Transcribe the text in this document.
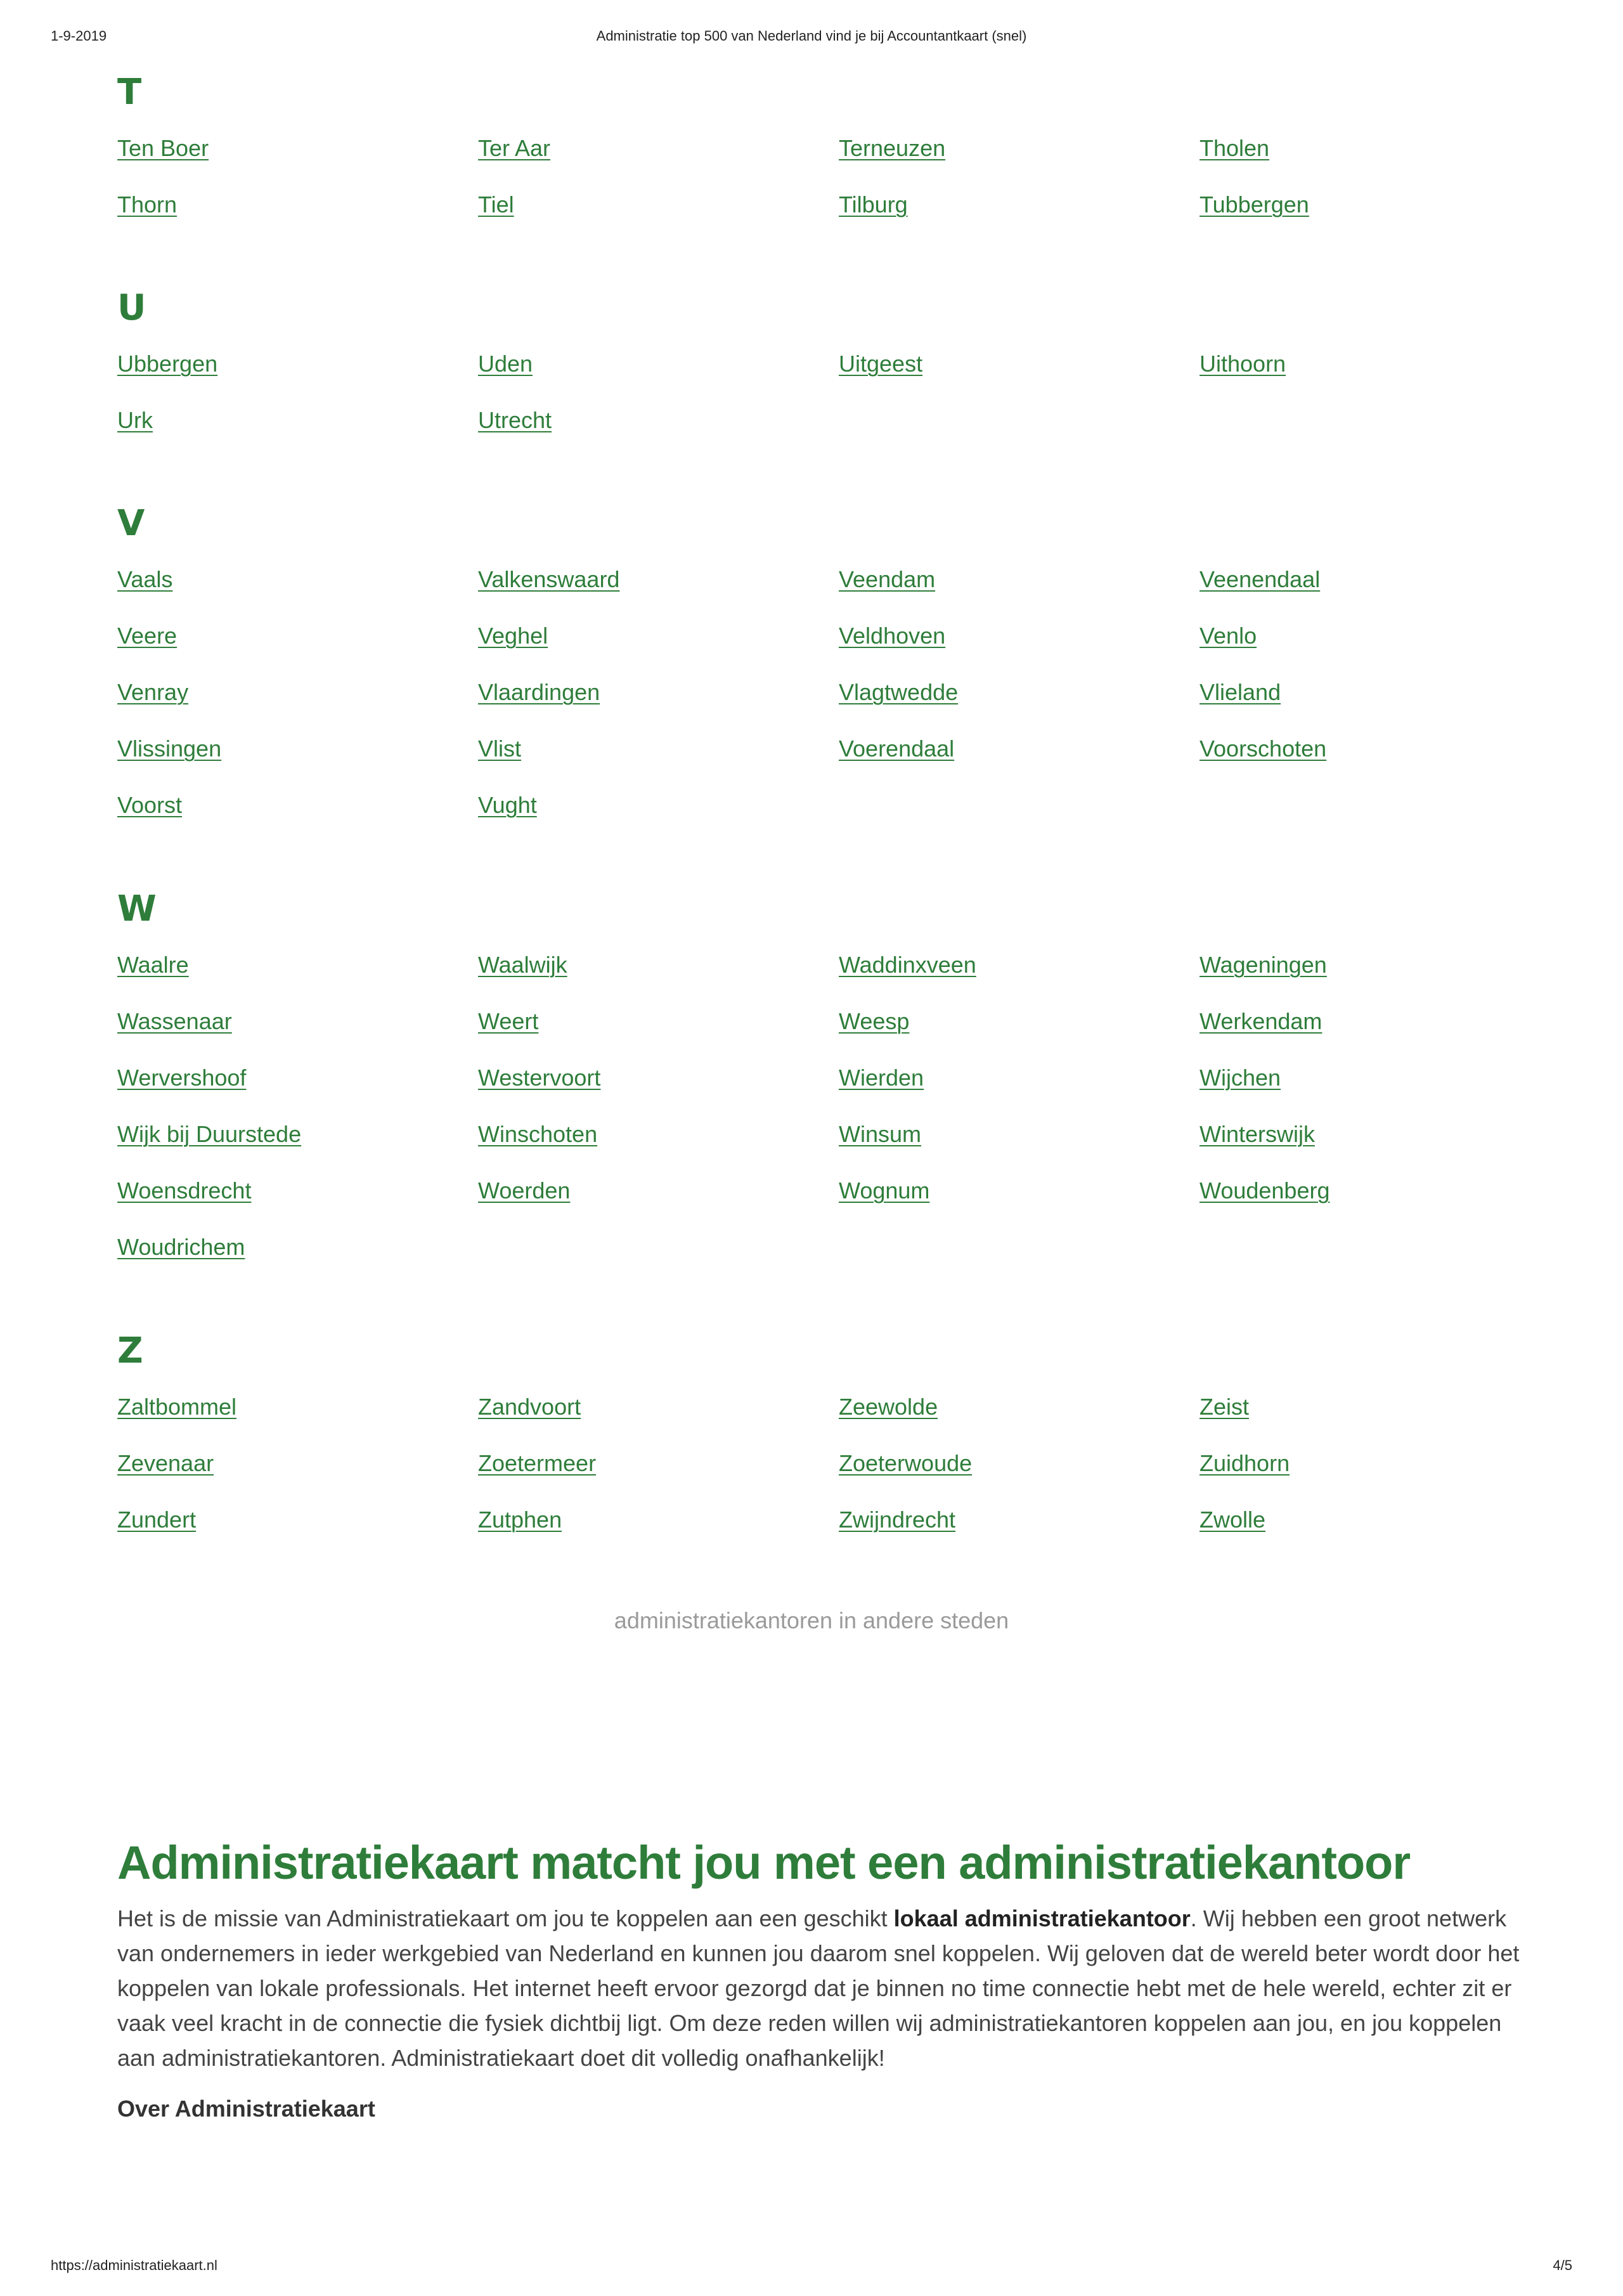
1-9-2019	Administratie top 500 van Nederland vind je bij Accountantkaart (snel)
T
Ten Boer	Ter Aar	Terneuzen	Tholen
Thorn	Tiel	Tilburg	Tubbergen
U
Ubbergen	Uden	Uitgeest	Uithoorn
Urk	Utrecht
V
Vaals	Valkenswaard	Veendam	Veenendaal
Veere	Veghel	Veldhoven	Venlo
Venray	Vlaardingen	Vlagtwedde	Vlieland
Vlissingen	Vlist	Voerendaal	Voorschoten
Voorst	Vught
W
Waalre	Waalwijk	Waddinxveen	Wageningen
Wassenaar	Weert	Weesp	Werkendam
Wervershoof	Westervoort	Wierden	Wijchen
Wijk bij Duurstede	Winschoten	Winsum	Winterswijk
Woensdrecht	Woerden	Wognum	Woudenberg
Woudrichem
Z
Zaltbommel	Zandvoort	Zeewolde	Zeist
Zevenaar	Zoetermeer	Zoeterwoude	Zuidhorn
Zundert	Zutphen	Zwijndrecht	Zwolle
administratiekantoren in andere steden
Administratiekaart matcht jou met een administratiekantoor

Het is de missie van Administratiekaart om jou te koppelen aan een geschikt lokaal administratiekantoor. Wij hebben een groot netwerk van ondernemers in ieder werkgebied van Nederland en kunnen jou daarom snel koppelen. Wij geloven dat de wereld beter wordt door het koppelen van lokale professionals. Het internet heeft ervoor gezorgd dat je binnen no time connectie hebt met de hele wereld, echter zit er vaak veel kracht in de connectie die fysiek dichtbij ligt. Om deze reden willen wij administratiekantoren koppelen aan jou, en jou koppelen aan administratiekantoren. Administratiekaart doet dit volledig onafhankelijk!

Over Administratiekaart
https://administratiekaart.nl	4/5
